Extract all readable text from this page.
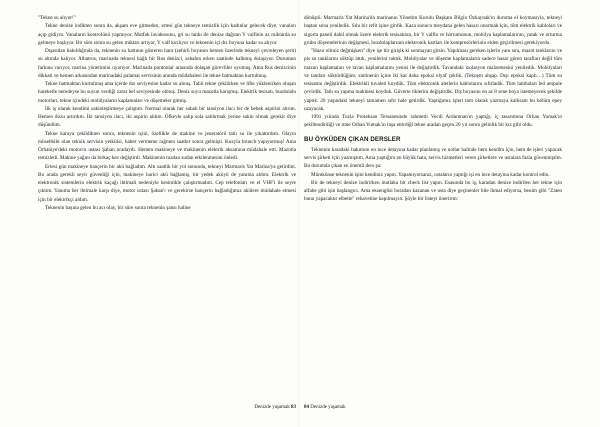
"Tekne su alıyor!"

Tekne denize indikten sonra da, akşam eve gitmeden, ertesi gün tekneye temizlik için kadınlar gelecek diye, vanaları açıp gidiyor. Vanaların kontrolünü yapmıyor. Mutfak lavabosunu, gri su tankı ile denize dağıtan Y valfinin az miktarda su gelmeye başlıyor. Bir süre sonra su gelen miktarı artıyor, Y valf kırılıyor ve teknenin içi dız boyuna kadar su alıyor.

Dışarıdan bakıldığında da, teknenin su hattının gösteren bant (zehirli boyanın hemen üzerinde tekneyi çevreleyen şerit) su altında kalıyor. Albatros, marinada teknesi bağlı bir Rus denizci, sabahın erken saatinde kalkmış dolaşıyor. Durumun farkına varıyor, marina yönetimini uyarıyor. Marinada pontonlar arasında dolaşan görevliler uyumuş. Ama Rus denizcinin dikkati ve hemen arkasından marinadaki palamar servisinin anında müdahalesi ile tekne batmaktan kurtulmuş.

Tekne batmaktan kurtulmuş ama içerde dız seviyesine kadar su alınış. Tabii tekne çekilirken ve lifte yüklenirken oluşan hareketle neredeyse bu suyun verdiği zarar bel seviyesinde olmuş. Deniz suyu mazotla karışmış. Elektrik tesisatı, buzdolabı motorları, tekne içindeki mobilyaların kaplamaları ve döşemeler gitmiş.

İlk iş olarak kendimi sakinleştirmeye çalıştım. Normal olarak her sabah bir tansiyon ilacı bir de bebek aspirini alırım. Hemen dozu artırdım. İki tansiyon ilacı, iki aspirin aldım. Öfkeyle salıp sola saldırmak yerine sakin olmak gerekir diye düşündüm.

Tekne karaya çekildikten sonra, teknenin içini, özellikle de makine ve jeneratörü tatlı su ile yıkattırdım. Olayın müsebbibi olan teknik servisin yetkilisi, haber vermeme rağmen saatler sonra gelmişti. Kuzyla brunch yapıyormuş! Ama Orhaniye'deki motorcu ustası Şaban oradaydı. Hemen makineye ve makinenin elektrik aksamına müdahale etti. Mazotla temizledi. Makine yağını da birkaç kez değiştirdi. Makinenin tuzdan sudan etkilenmesini önledi.

Ertesi gün makineye hançerin bir akü bağladım. Altı saatlik bir yol sonunda, tekneyi Marmaris Yat Marina'ya getirdim. Bu arada gerekli seyir güvenliği için, makineye harici akü bağlamış, bir yedek aküyü de yanıma aldım. Elektrik ve elektronik sistemlerin elektrik kaçağı ihtimali nedeniyle kesintikle çalıştırmadım. Cep telefonları ve el VHF'i ile seyre çıktım. Yanıma her ihtimale karşı diye, motor ustası Şaban'ı ve gerekirse hançerin bağladığımız akülere müdahale etmesi için bir elektrikçi aldım.

Teknenin başına gelen bu acı olay, bir süre sonra teknenin şansı haline

Denizde yaşamak 83

dönüştü. Marmaris Yat Marina'da marinanın Yönetim Kurulu Başkanı Bilgin Özkaynak'ın duruma el koymasıyla, tekneyi baştan sona yeniledik. Sılu bir refit işine girdik. Kaza sonucu meydana gelen hasarı onarmak için, tüm elektrik kabloları ve sigorta paneli dahil olmak üzere elektrik tesisatının, bir Y valfin ve hortumunun, mobilya kaplamalarının, yatak ve orturma grubu döşemelerinin değişmesi, buzdolaplarının elektronik kartları ile kompresörlerinin elden geçirilmesi gerekiyordu.

"Hazır elimiz değmişken" diye işe bir girişik ki sonmayan gitsin. Yapılması gereken işlerin yanı sıra, mazot tanklarını ve pis su tanklarını söktüp attık, yenilerini taktık. Mobilyalar ve döşeme kaplamaların sadece hasar gören tarafları değil tüm mazun kaplamaları ve tavan kaplamalarını yenisi ile değiştirdik. Tavandaki izolasyon malzemesini yeniledik. Mobilyaları ve tamları söktürdüğüm, sintinenin içine iki kat daha epoksi elyaf çektik. (Tekne̱m ahşap. Dışı epoksi kaplı…) Tüm su tesisatını değiştirdik. Elektrikli tuvaleti koydük. Tüm elektronik aletlerin kablolarını sıfırladık. Tüm lambaları led ampule çevirdik. Tatlı su yapma makinesi koyduk. Güverte tiklerini değiştirdik. Dış boyasını en az 8 sene boya istemeyecek şekilde yaptık. 20 yaşındaki tekneyi tamamen sıfır hale getirdik. Yaptığımız işleri tam olarak yazmaya kalksam bu bölüm epey uzayacak.

1991 yılında Tuzla Proteksan Tersanesinde rahmetli Vecdi Ardunman'ın yaptığı, iç tasarımına Orhan Yumak'ın şekillendirdiği ve tıme Orhan Yumak'ın inşa ettirdiği tekne aradan geçen 20 yıl sonra gelinlik bir kız gibi oldu.

BU ÖYKÜDEN ÇIKAN DERSLER

Teknenin karadaki bakımını en ince detayına kadar planlamış ve notlar halinde hem kendim için, hem de işleri yapacak servis şirketi için yazmıştım. Ama yaptığım en büyük hata, servis hizmetleri veren şirketlere ve ustalara fazla güvenmiştim. Bu durumda çıkan en önemli ders şu:

Mümkünse teknenin işini kendiniz yapın. Yapamıyorsanız, ustaların yaptığı işi en ince detayına kadar kontrol edin.

Bir de tekneyi denize indirirken mutlaka bir check list yapın. Esasında bu iş, karadan denize indirilen her tekne için alfabe gibi işin başlangıcı. Ama eksenglisi buradan kazanan ve usta diye geçinenler bile ihmal ediyorsa, benim gibi "Zaten bunu yapacaktır elbette" rehavetine kapılmayın. Şöyle bir listeyi önerirım:

84 Denizde yaşamak
